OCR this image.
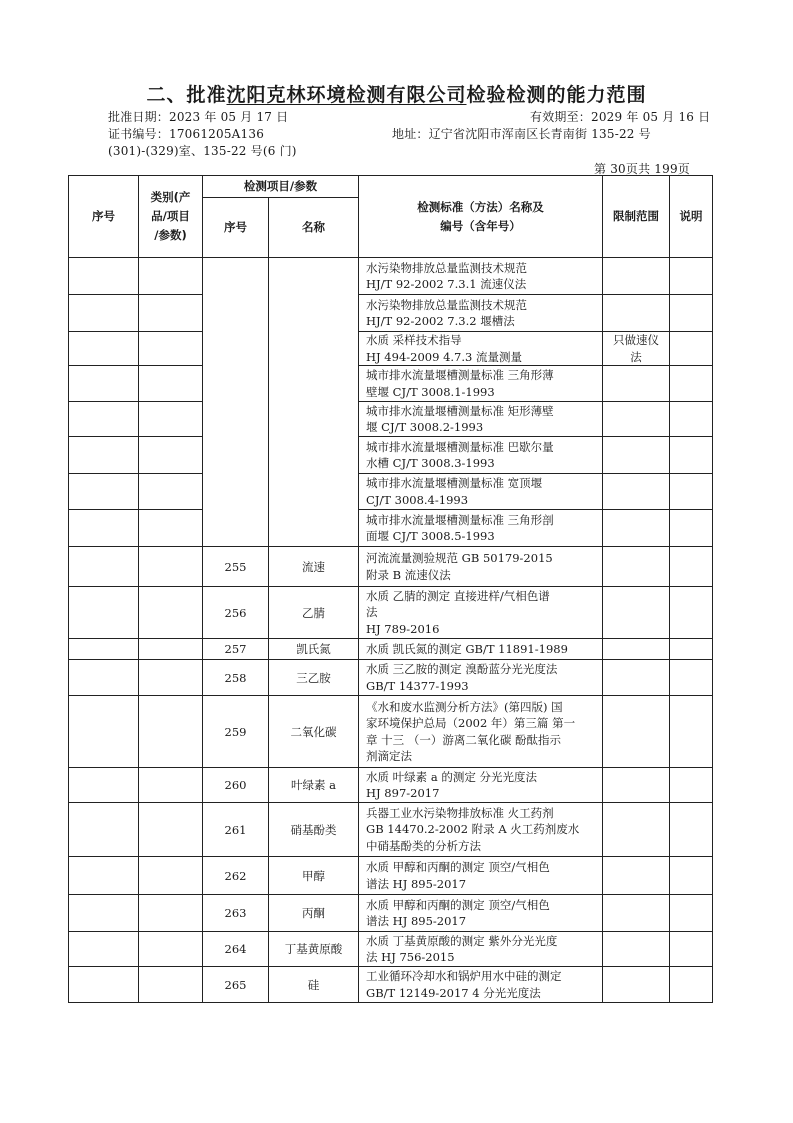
二、批准沈阳克林环境检测有限公司检验检测的能力范围
批准日期：2023 年 05 月 17 日	有效期至：2029 年 05 月 16 日
证书编号：17061205A136	地址：辽宁省沈阳市浑南区长青南街 135-22 号
(301)-(329)室、135-22 号(6 门)
第 30页共 199页
序号	类别(产
品/项目
/参数)	检测项目/参数		检测标准（方法）名称及
编号（含年号）	限制范围	说明
		序号	名称			
				水污染物排放总量监测技术规范
HJ/T 92-2002 7.3.1 流速仪法		
				水污染物排放总量监测技术规范
HJ/T 92-2002 7.3.2 堰槽法		
				水质 采样技术指导
HJ 494-2009 4.7.3 流量测量	只做速仪
法	
				城市排水流量堰槽测量标准 三角形薄
壁堰 CJ/T 3008.1-1993		
				城市排水流量堰槽测量标准 矩形薄壁
堰 CJ/T 3008.2-1993		
				城市排水流量堰槽测量标准 巴歇尔量
水槽 CJ/T 3008.3-1993		
				城市排水流量堰槽测量标准 宽顶堰
CJ/T 3008.4-1993		
				城市排水流量堰槽测量标准 三角形剖
面堰 CJ/T 3008.5-1993		
		255	流速	河流流量测验规范 GB 50179-2015
附录 B 流速仪法		
		256	乙腈	水质 乙腈的测定 直接进样/气相色谱
法
HJ 789-2016		
		257	凯氏氮	水质 凯氏氮的测定 GB/T 11891-1989		
		258	三乙胺	水质 三乙胺的测定 溴酚蓝分光光度法
GB/T 14377-1993		
		259	二氧化碳	《水和废水监测分析方法》(第四版) 国
家环境保护总局（2002 年）第三篇 第一
章 十三 （一）游离二氧化碳 酚酞指示
剂滴定法		
		260	叶绿素 a	水质 叶绿素 a 的测定 分光光度法
HJ 897-2017		
		261	硝基酚类	兵器工业水污染物排放标准 火工药剂
GB 14470.2-2002 附录 A 火工药剂废水
中硝基酚类的分析方法		
		262	甲醇	水质 甲醇和丙酮的测定 顶空/气相色
谱法 HJ 895-2017		
		263	丙酮	水质 甲醇和丙酮的测定 顶空/气相色
谱法 HJ 895-2017		
		264	丁基黄原酸	水质 丁基黄原酸的测定 紫外分光光度
法 HJ 756-2015		
		265	硅	工业循环冷却水和锅炉用水中硅的测定
GB/T 12149-2017 4 分光光度法		
